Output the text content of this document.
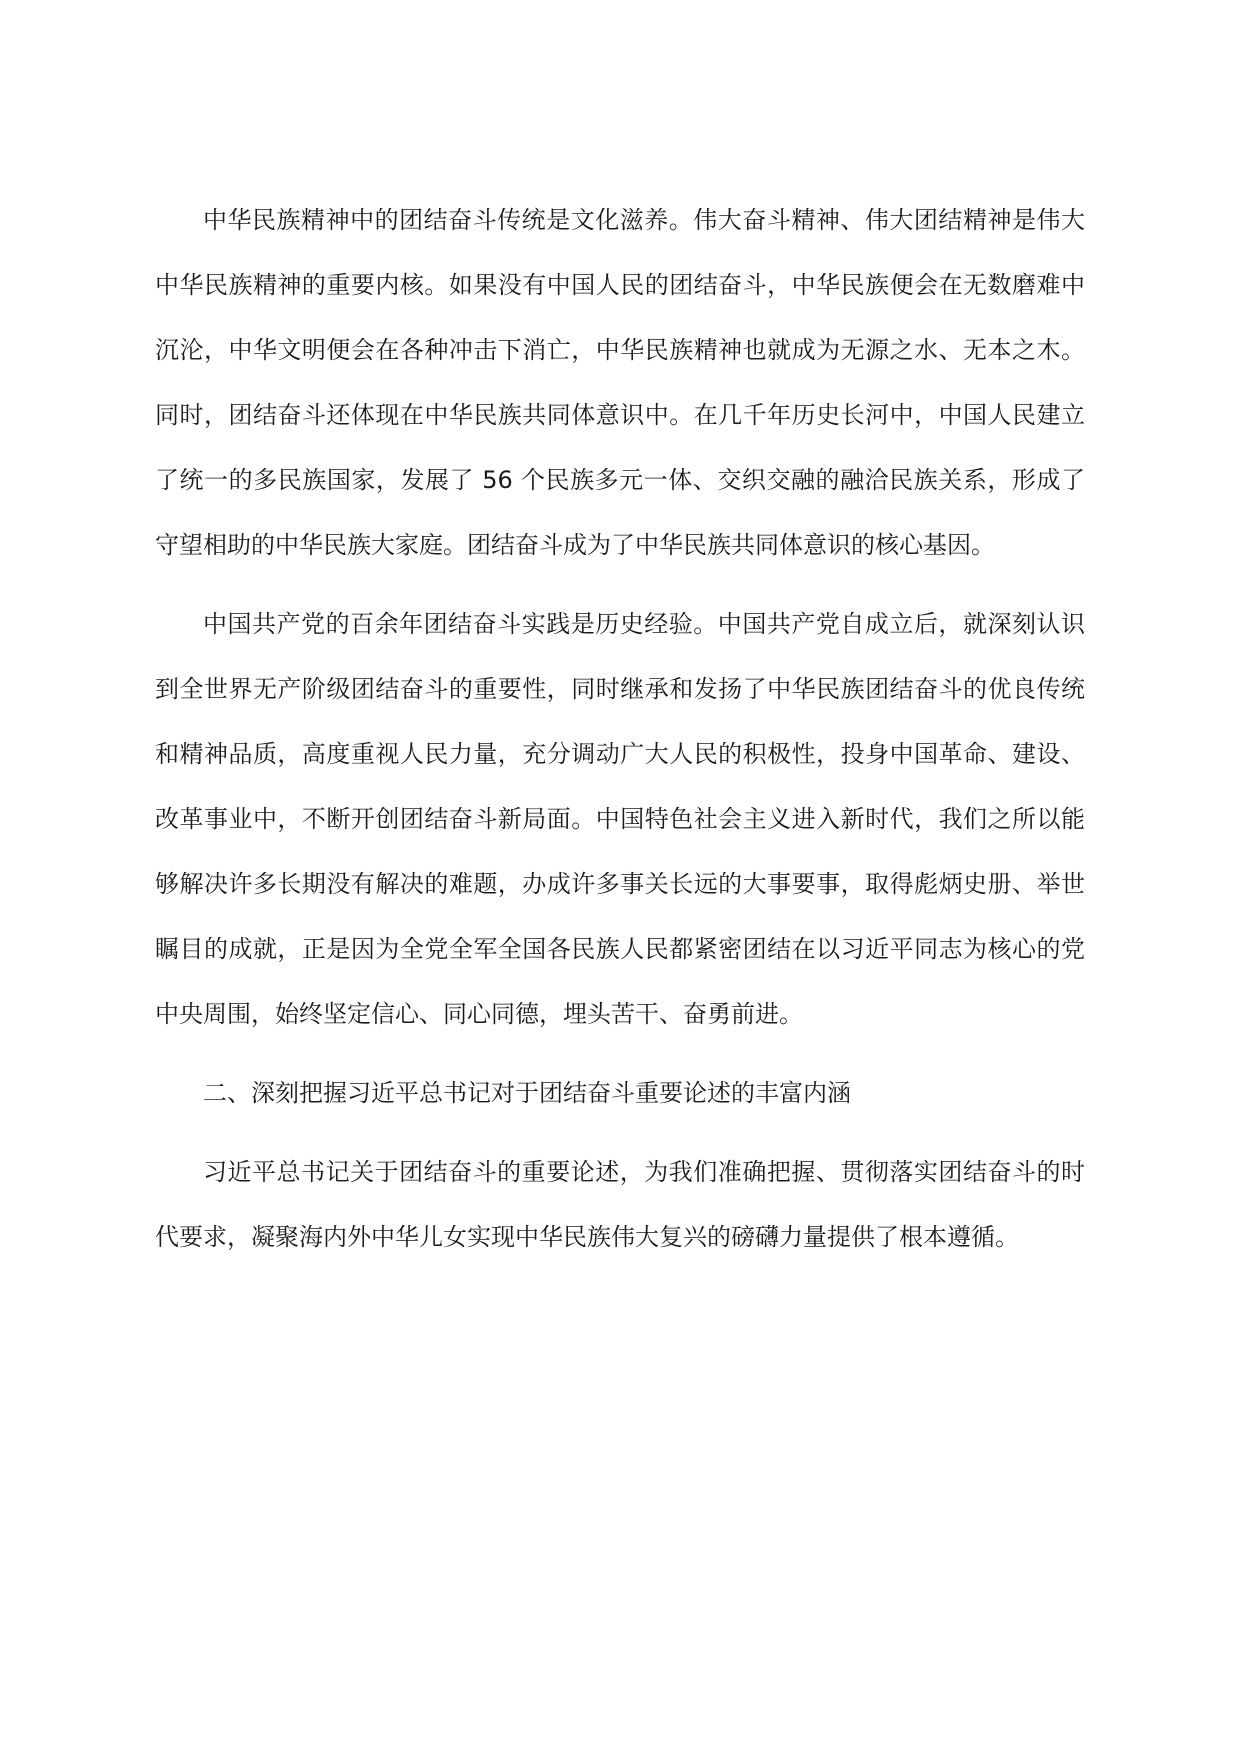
中华民族精神中的团结奋斗传统是文化滋养。伟大奋斗精神、伟大团结精神是伟大中华民族精神的重要内核。如果没有中国人民的团结奋斗，中华民族便会在无数磨难中沉沦，中华文明便会在各种冲击下消亡，中华民族精神也就成为无源之水、无本之木。同时，团结奋斗还体现在中华民族共同体意识中。在几千年历史长河中，中国人民建立了统一的多民族国家，发展了 56 个民族多元一体、交织交融的融洽民族关系，形成了守望相助的中华民族大家庭。团结奋斗成为了中华民族共同体意识的核心基因。

中国共产党的百余年团结奋斗实践是历史经验。中国共产党自成立后，就深刻认识到全世界无产阶级团结奋斗的重要性，同时继承和发扬了中华民族团结奋斗的优良传统和精神品质，高度重视人民力量，充分调动广大人民的积极性，投身中国革命、建设、改革事业中，不断开创团结奋斗新局面。中国特色社会主义进入新时代，我们之所以能够解决许多长期没有解决的难题，办成许多事关长远的大事要事，取得彪炳史册、举世瞩目的成就，正是因为全党全军全国各民族人民都紧密团结在以习近平同志为核心的党中央周围，始终坚定信心、同心同德，埋头苦干、奋勇前进。

二、深刻把握习近平总书记对于团结奋斗重要论述的丰富内涵

习近平总书记关于团结奋斗的重要论述，为我们准确把握、贯彻落实团结奋斗的时代要求，凝聚海内外中华儿女实现中华民族伟大复兴的磅礴力量提供了根本遵循。
